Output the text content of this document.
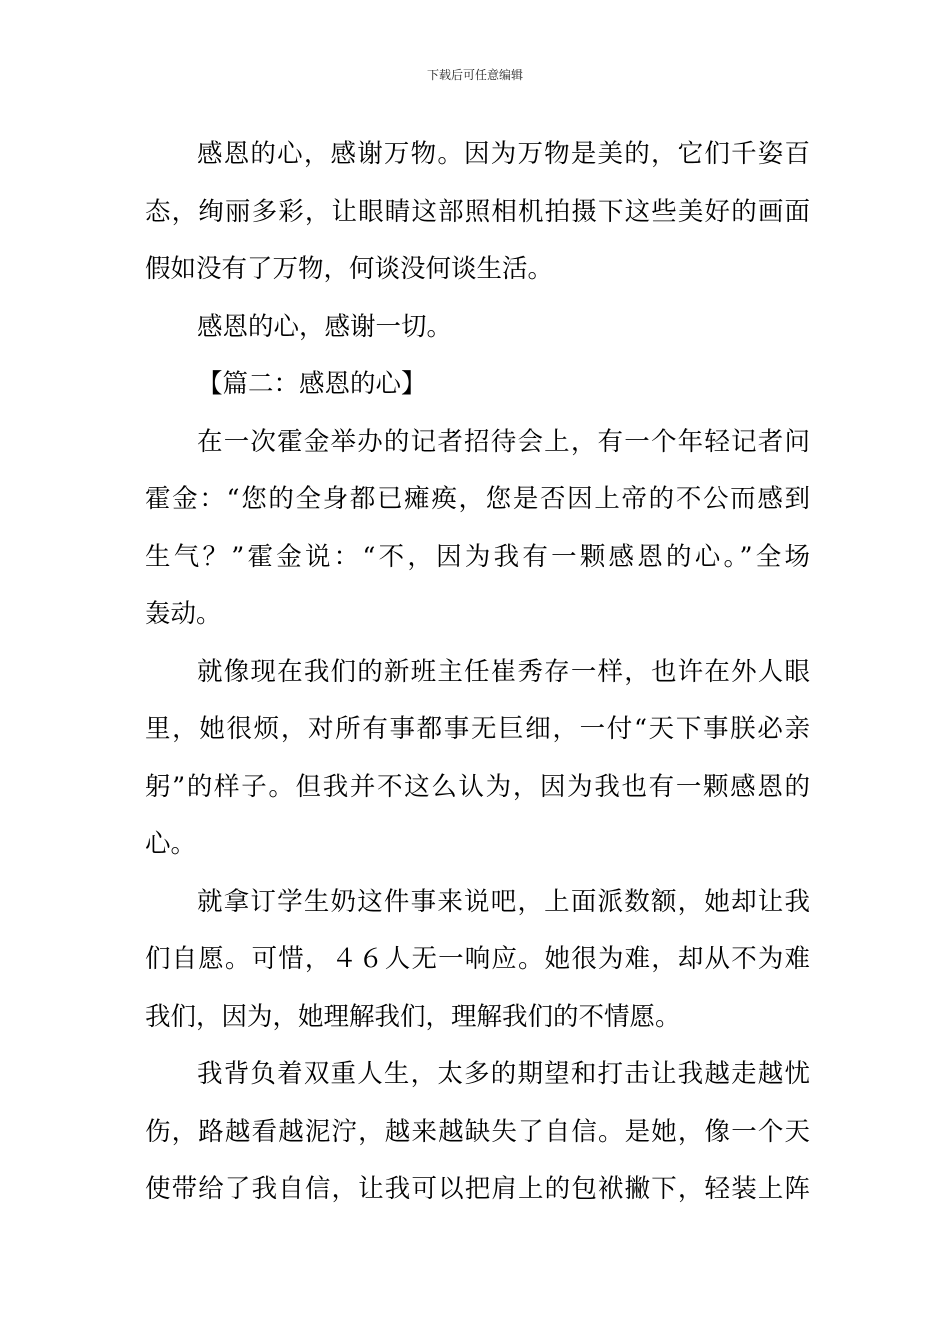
下载后可任意编辑
感恩的心，感谢万物。因为万物是美的，它们千姿百
态，绚丽多彩，让眼睛这部照相机拍摄下这些美好的画面
假如没有了万物，何谈没何谈生活。
感恩的心，感谢一切。
【篇二：感恩的心】
在一次霍金举办的记者招待会上，有一个年轻记者问
霍金：“您的全身都已瘫痪，您是否因上帝的不公而感到
生气？”霍金说：“不，因为我有一颗感恩的心。”全场
轰动。
就像现在我们的新班主任崔秀存一样，也许在外人眼
里，她很烦，对所有事都事无巨细，一付“天下事朕必亲
躬”的样子。但我并不这么认为，因为我也有一颗感恩的
心。
就拿订学生奶这件事来说吧，上面派数额，她却让我
们自愿。可惜，４６人无一响应。她很为难，却从不为难
我们，因为，她理解我们，理解我们的不情愿。
我背负着双重人生，太多的期望和打击让我越走越忧
伤，路越看越泥泞，越来越缺失了自信。是她，像一个天
使带给了我自信，让我可以把肩上的包袱撇下，轻装上阵
